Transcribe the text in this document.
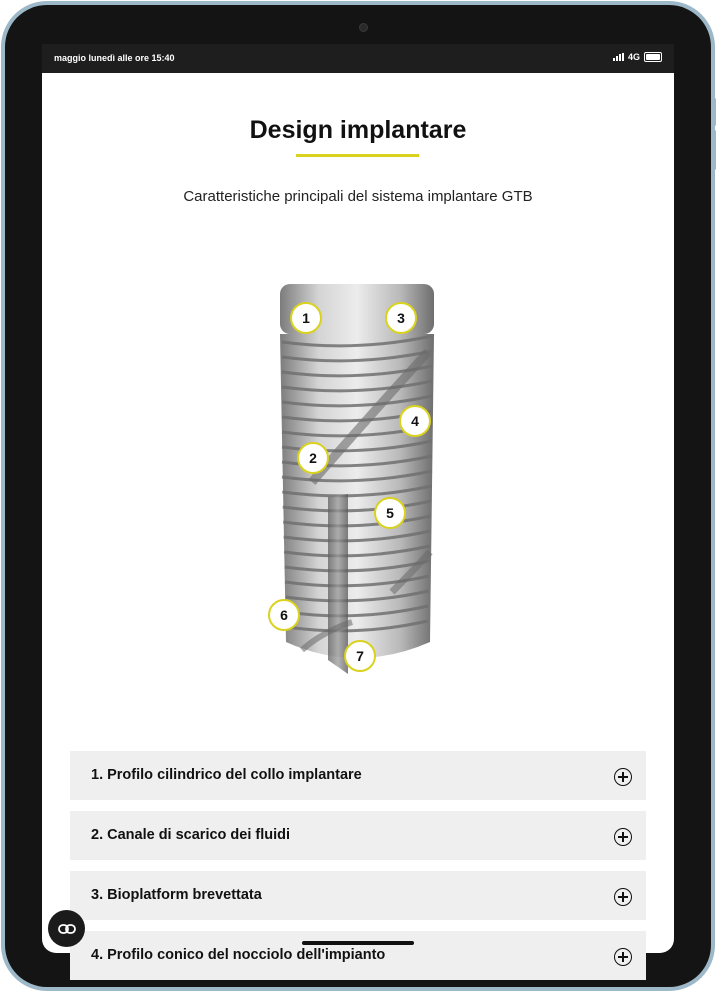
maggio lunedì alle ore 15:40	4G
Design implantare
Caratteristiche principali del sistema implantare GTB
1	3
4
2
5
6
7
1. Profilo cilindrico del collo implantare
2. Canale di scarico dei fluidi
3. Bioplatform brevettata
4. Profilo conico del nocciolo dell'impianto
